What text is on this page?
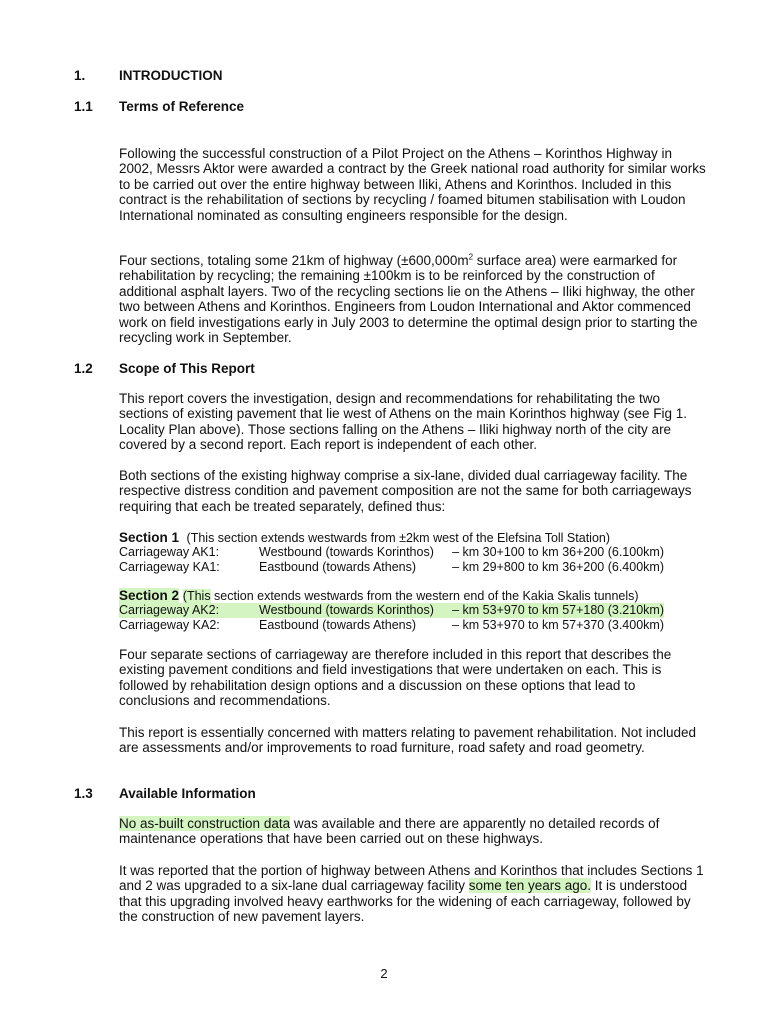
1. INTRODUCTION
1.1 Terms of Reference

Following the successful construction of a Pilot Project on the Athens – Korinthos Highway in 2002, Messrs Aktor were awarded a contract by the Greek national road authority for similar works to be carried out over the entire highway between Iliki, Athens and Korinthos. Included in this contract is the rehabilitation of sections by recycling / foamed bitumen stabilisation with Loudon International nominated as consulting engineers responsible for the design.

Four sections, totaling some 21km of highway ($\pm 600,000m^2$ surface area) were earmarked for rehabilitation by recycling; the remaining ±100km is to be reinforced by the construction of additional asphalt layers. Two of the recycling sections lie on the Athens – Iliki highway, the other two between Athens and Korinthos. Engineers from Loudon International and Aktor commenced work on field investigations early in July 2003 to determine the optimal design prior to starting the recycling work in September.

1.2 Scope of This Report

This report covers the investigation, design and recommendations for rehabilitating the two sections of existing pavement that lie west of Athens on the main Korinthos highway (see Fig 1. Locality Plan above). Those sections falling on the Athens – Iliki highway north of the city are covered by a second report. Each report is independent of each other.

Both sections of the existing highway comprise a six-lane, divided dual carriageway facility. The respective distress condition and pavement composition are not the same for both carriageways requiring that each be treated separately, defined thus:

Section 1 (This section extends westwards from ±2km west of the Elefsina Toll Station)
Carriageway AK1:	Westbound (towards Korinthos) – km 30+100 to km 36+200 (6.100km)
Carriageway KA1:	Eastbound (towards Athens)	– km 29+800 to km 36+200 (6.400km)
Section 2 (This section extends westwards from the western end of the Kakia Skalis tunnels)
Carriageway AK2:	Westbound (towards Korinthos) – km 53+970 to km 57+180 (3.210km)
Carriageway KA2:	Eastbound (towards Athens)	– km 53+970 to km 57+370 (3.400km)

Four separate sections of carriageway are therefore included in this report that describes the existing pavement conditions and field investigations that were undertaken on each. This is followed by rehabilitation design options and a discussion on these options that lead to conclusions and recommendations.

This report is essentially concerned with matters relating to pavement rehabilitation. Not included are assessments and/or improvements to road furniture, road safety and road geometry.

1.3 Available Information

No as-built construction data was available and there are apparently no detailed records of maintenance operations that have been carried out on these highways.

It was reported that the portion of highway between Athens and Korinthos that includes Sections 1 and 2 was upgraded to a six-lane dual carriageway facility some ten years ago. It is understood that this upgrading involved heavy earthworks for the widening of each carriageway, followed by the construction of new pavement layers.

2
